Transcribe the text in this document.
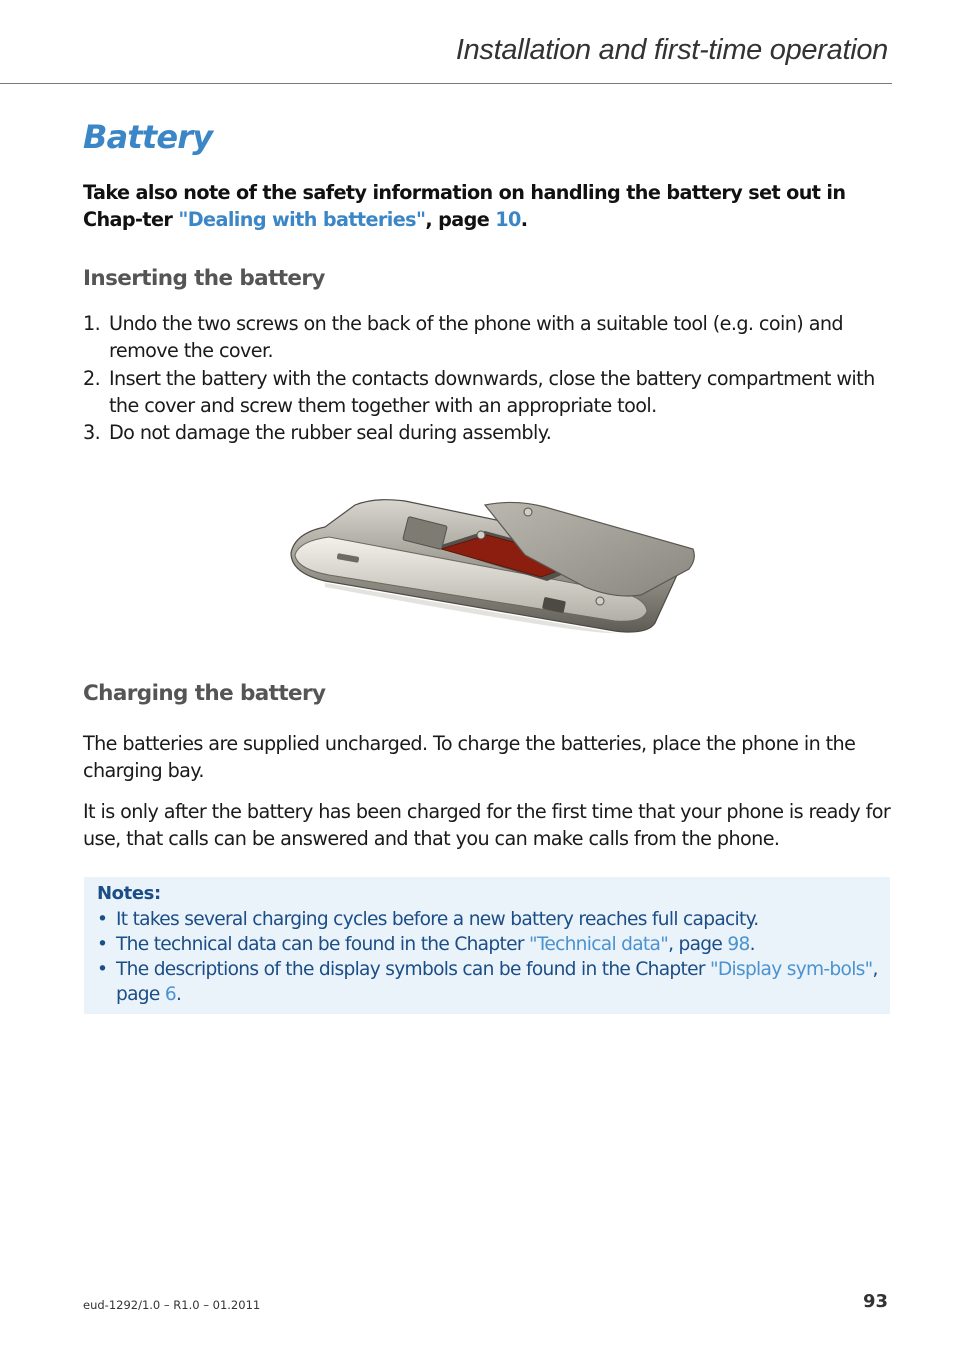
Installation and first-time operation
Battery

Take also note of the safety information on handling the battery set out in Chap-ter "Dealing with batteries", page 10.

Inserting the battery
1. Undo the two screws on the back of the phone with a suitable tool (e.g. coin) and remove the cover.
2. Insert the battery with the contacts downwards, close the battery compartment with the cover and screw them together with an appropriate tool.
3. Do not damage the rubber seal during assembly.
Charging the battery

The batteries are supplied uncharged. To charge the batteries, place the phone in the charging bay.

It is only after the battery has been charged for the first time that your phone is ready for use, that calls can be answered and that you can make calls from the phone.

Notes:
• It takes several charging cycles before a new battery reaches full capacity.
• The technical data can be found in the Chapter "Technical data", page 98.
• The descriptions of the display symbols can be found in the Chapter "Display sym-bols", page 6.
eud-1292/1.0 – R1.0 – 01.2011	93
